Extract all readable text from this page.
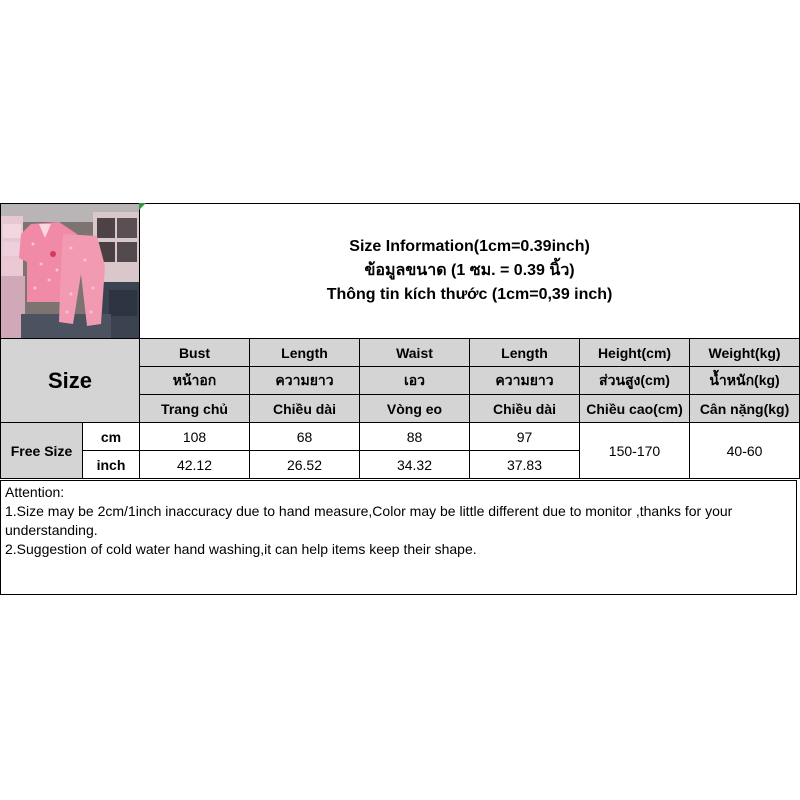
Size Information(1cm=0.39inch)
ข้อมูลขนาด (1 ซม. = 0.39 นิ้ว)
Thông tin kích thước (1cm=0,39 inch)					

Size		Bust	Length	Waist	Length	Height(cm)	Weight(kg)
		หน้าอก	ความยาว	เอว	ความยาว	ส่วนสูง(cm)	น้ำหนัก(kg)
		Trang chủ	Chiều dài	Vòng eo	Chiều dài	Chiều cao(cm)	Cân nặng(kg)
Free Size	cm	108	68	88	97	150-170	40-60
	inch	42.12	26.52	34.32	37.83		
Attention:
1.Size may be 2cm/1inch inaccuracy due to hand measure,Color may be little different due to monitor ,thanks for your understanding.
2.Suggestion of cold water hand washing,it can help items keep their shape.
